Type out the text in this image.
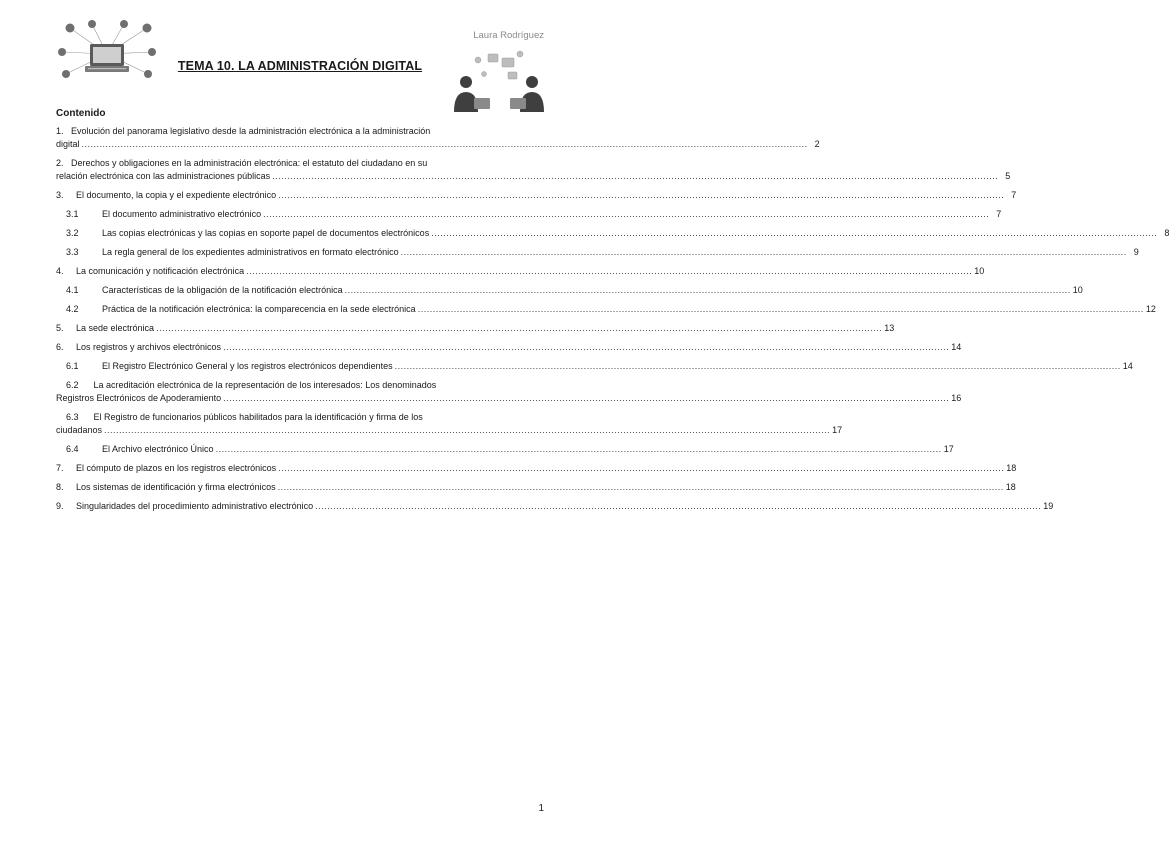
Laura Rodríguez
TEMA 10. LA ADMINISTRACIÓN DIGITAL
Contenido
1. Evolución del panorama legislativo desde la administración electrónica a la administración
digital .....	2
2. Derechos y obligaciones en la administración electrónica: el estatuto del ciudadano en su
relación electrónica con las administraciones públicas .....	5
3.	El documento, la copia y el expediente electrónico .....	7
3.1	El documento administrativo electrónico .....	7
3.2	Las copias electrónicas y las copias en soporte papel de documentos electrónicos .....	8
3.3	La regla general de los expedientes administrativos en formato electrónico .....	9
4.	La comunicación y notificación electrónica .....	10
4.1	Características de la obligación de la notificación electrónica .....	10
4.2	Práctica de la notificación electrónica: la comparecencia en la sede electrónica .....	12
5.	La sede electrónica .....	13
6.	Los registros y archivos electrónicos .....	14
6.1	El Registro Electrónico General y los registros electrónicos dependientes .....	14
6.2 La acreditación electrónica de la representación de los interesados: Los denominados
Registros Electrónicos de Apoderamiento .....	16
6.3 El Registro de funcionarios públicos habilitados para la identificación y firma de los
ciudadanos .....	17
6.4	El Archivo electrónico Único .....	17
7.	El cómputo de plazos en los registros electrónicos .....	18
8.	Los sistemas de identificación y firma electrónicos .....	18
9.	Singularidades del procedimiento administrativo electrónico .....	19
1
